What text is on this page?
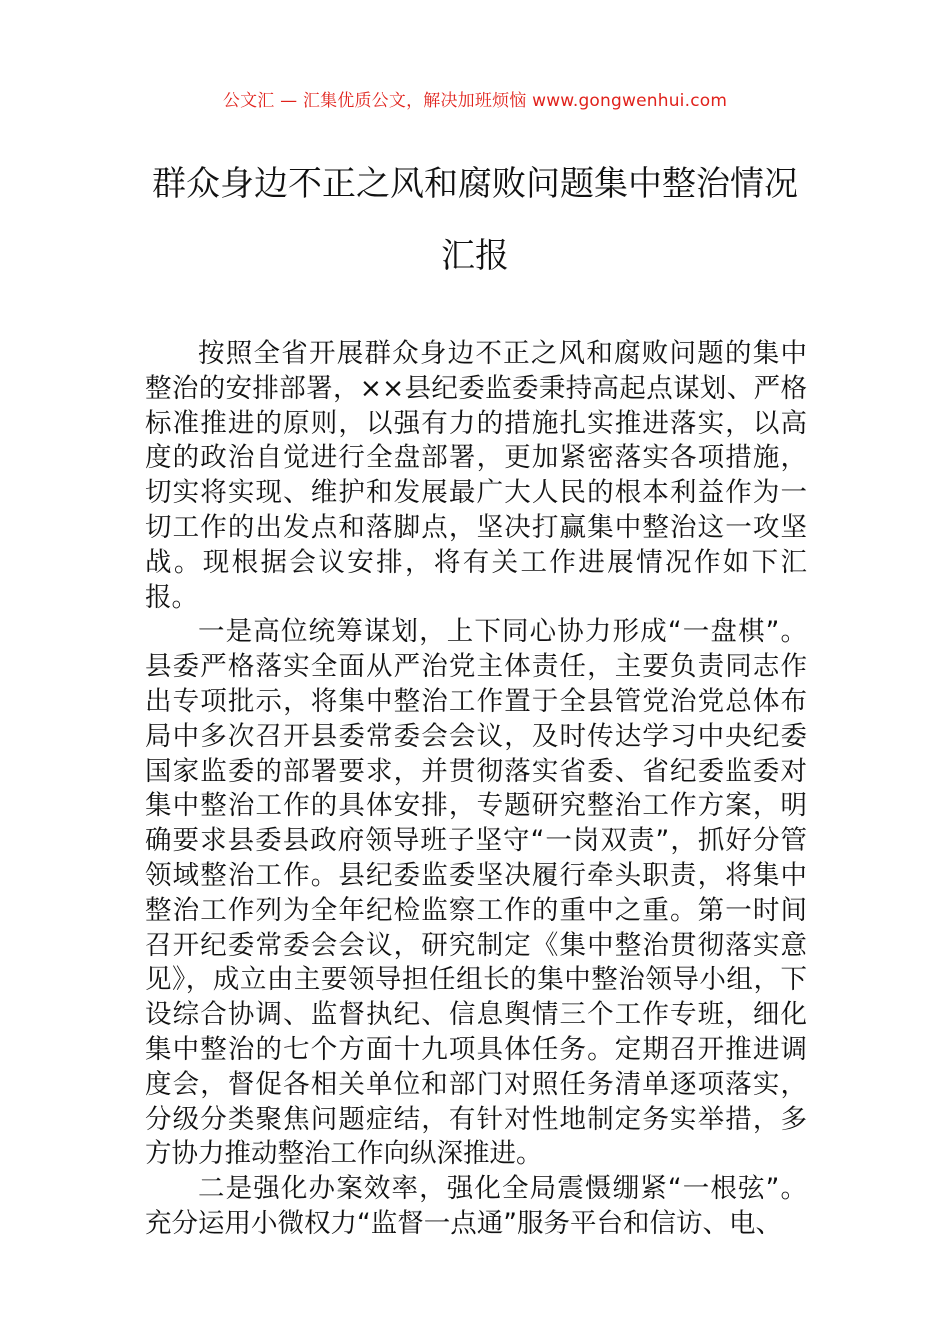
公文汇 — 汇集优质公文，解决加班烦恼 www.gongwenhui.com
群众身边不正之风和腐败问题集中整治情况汇报

按照全省开展群众身边不正之风和腐败问题的集中整治的安排部署，××县纪委监委秉持高起点谋划、严格标准推进的原则，以强有力的措施扎实推进落实，以高度的政治自觉进行全盘部署，更加紧密落实各项措施，切实将实现、维护和发展最广大人民的根本利益作为一切工作的出发点和落脚点，坚决打赢集中整治这一攻坚战。现根据会议安排，将有关工作进展情况作如下汇报。

一是高位统筹谋划，上下同心协力形成“一盘棋”。县委严格落实全面从严治党主体责任，主要负责同志作出专项批示，将集中整治工作置于全县管党治党总体布局中多次召开县委常委会会议，及时传达学习中央纪委国家监委的部署要求，并贯彻落实省委、省纪委监委对集中整治工作的具体安排，专题研究整治工作方案，明确要求县委县政府领导班子坚守“一岗双责”，抓好分管领域整治工作。县纪委监委坚决履行牵头职责，将集中整治工作列为全年纪检监察工作的重中之重。第一时间召开纪委常委会会议，研究制定《集中整治贯彻落实意见》，成立由主要领导担任组长的集中整治领导小组，下设综合协调、监督执纪、信息舆情三个工作专班，细化集中整治的七个方面十九项具体任务。定期召开推进调度会，督促各相关单位和部门对照任务清单逐项落实，分级分类聚焦问题症结，有针对性地制定务实举措，多方协力推动整治工作向纵深推进。

二是强化办案效率，强化全局震慑绷紧“一根弦”。充分运用小微权力“监督一点通”服务平台和信访、电、
